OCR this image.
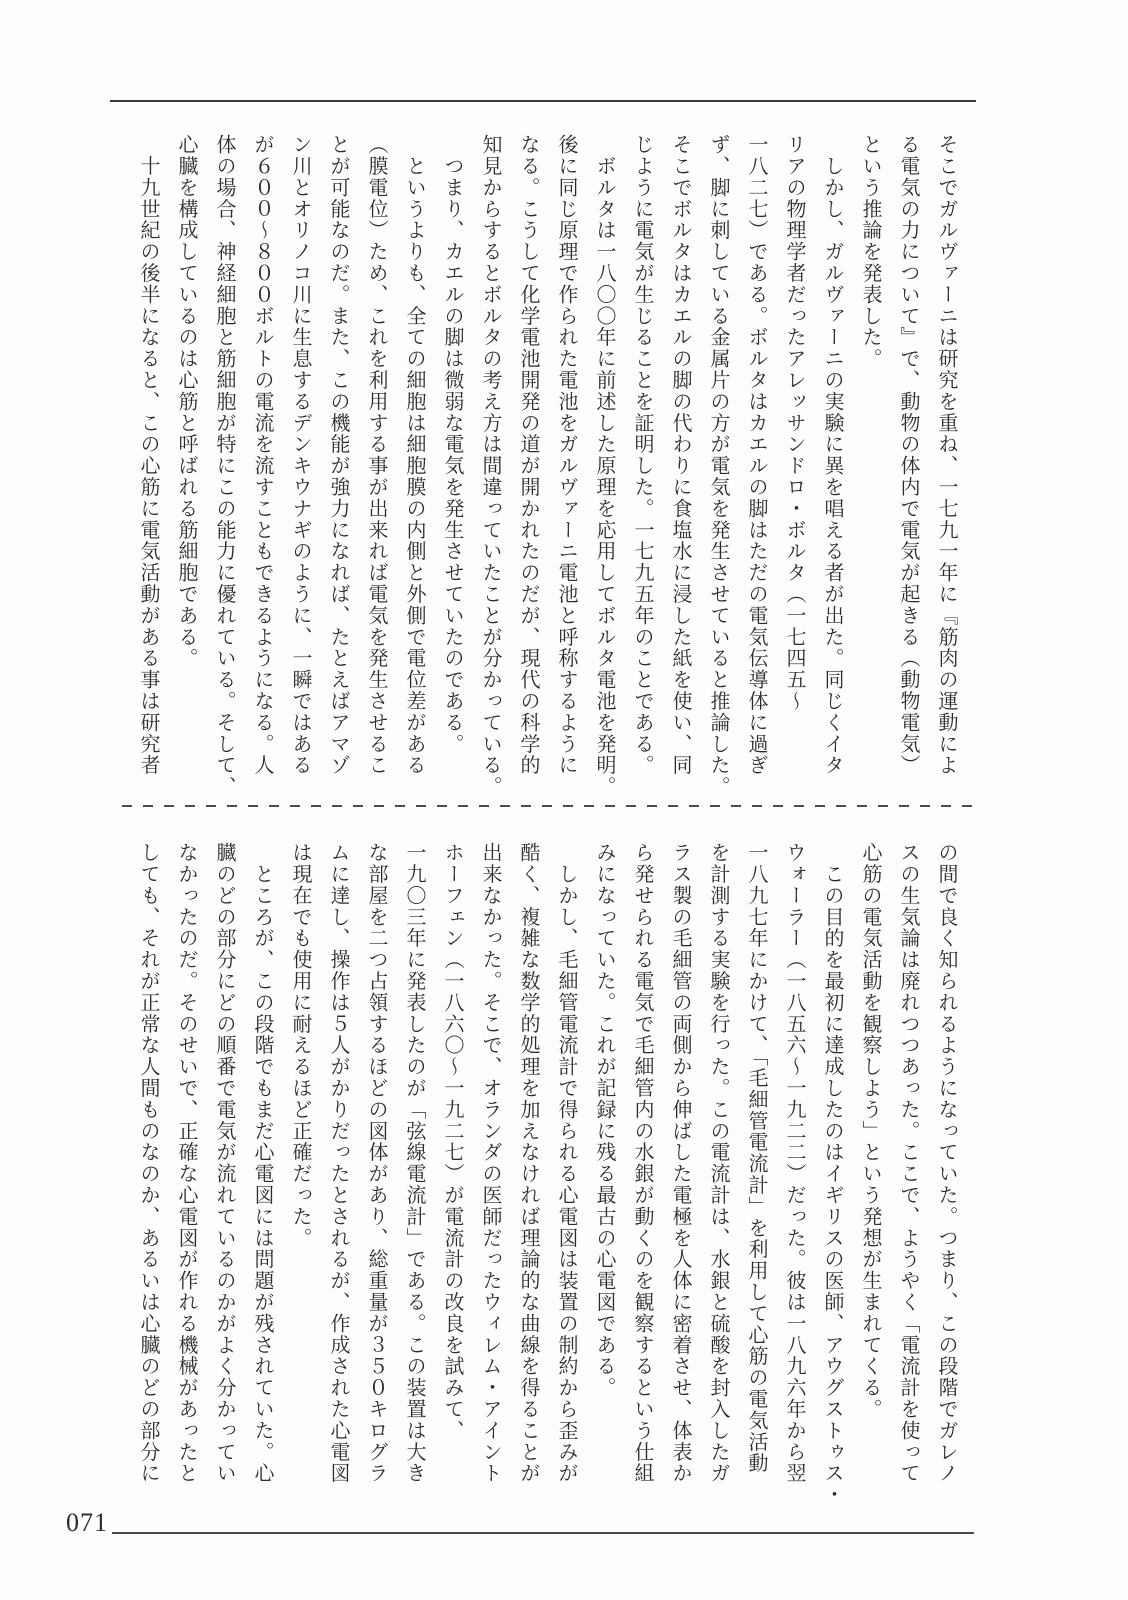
そこでガルヴァーニは研究を重ね、一七九一年に『筋肉の運動によ

る電気の力について』で、動物の体内で電気が起きる（動物電気）

という推論を発表した。

　しかし、ガルヴァーニの実験に異を唱える者が出た。同じくイタ

リアの物理学者だったアレッサンドロ・ボルタ（一七四五～

一八二七）である。ボルタはカエルの脚はただの電気伝導体に過ぎ

ず、脚に刺している金属片の方が電気を発生させていると推論した。

そこでボルタはカエルの脚の代わりに食塩水に浸した紙を使い、同

じように電気が生じることを証明した。一七九五年のことである。

　ボルタは一八〇〇年に前述した原理を応用してボルタ電池を発明。

後に同じ原理で作られた電池をガルヴァーニ電池と呼称するように

なる。こうして化学電池開発の道が開かれたのだが、現代の科学的

知見からするとボルタの考え方は間違っていたことが分かっている。

　つまり、カエルの脚は微弱な電気を発生させていたのである。

　というよりも、全ての細胞は細胞膜の内側と外側で電位差がある

（膜電位）ため、これを利用する事が出来れば電気を発生させるこ

とが可能なのだ。また、この機能が強力になれば、たとえばアマゾ

ン川とオリノコ川に生息するデンキウナギのように、一瞬ではある

が６００～８００ボルトの電流を流すこともできるようになる。人

体の場合、神経細胞と筋細胞が特にこの能力に優れている。そして、

心臓を構成しているのは心筋と呼ばれる筋細胞である。

　十九世紀の後半になると、この心筋に電気活動がある事は研究者

の間で良く知られるようになっていた。つまり、この段階でガレノ

スの生気論は廃れつつあった。ここで、ようやく「電流計を使って

心筋の電気活動を観察しよう」という発想が生まれてくる。

　この目的を最初に達成したのはイギリスの医師、アウグストゥス・

ウォーラー（一八五六～一九二二）だった。彼は一八九六年から翌

一八九七年にかけて、「毛細管電流計」を利用して心筋の電気活動

を計測する実験を行った。この電流計は、水銀と硫酸を封入したガ

ラス製の毛細管の両側から伸ばした電極を人体に密着させ、体表か

ら発せられる電気で毛細管内の水銀が動くのを観察するという仕組

みになっていた。これが記録に残る最古の心電図である。

　しかし、毛細管電流計で得られる心電図は装置の制約から歪みが

酷く、複雑な数学的処理を加えなければ理論的な曲線を得ることが

出来なかった。そこで、オランダの医師だったウィレム・アイント

ホーフェン（一八六〇～一九二七）が電流計の改良を試みて、

一九〇三年に発表したのが「弦線電流計」である。この装置は大き

な部屋を二つ占領するほどの図体があり、総重量が３５０キログラ

ムに達し、操作は５人がかりだったとされるが、作成された心電図

は現在でも使用に耐えるほど正確だった。

　ところが、この段階でもまだ心電図には問題が残されていた。心

臓のどの部分にどの順番で電気が流れているのかがよく分かってい

なかったのだ。そのせいで、正確な心電図が作れる機械があったと

しても、それが正常な人間ものなのか、あるいは心臓のどの部分に

071
